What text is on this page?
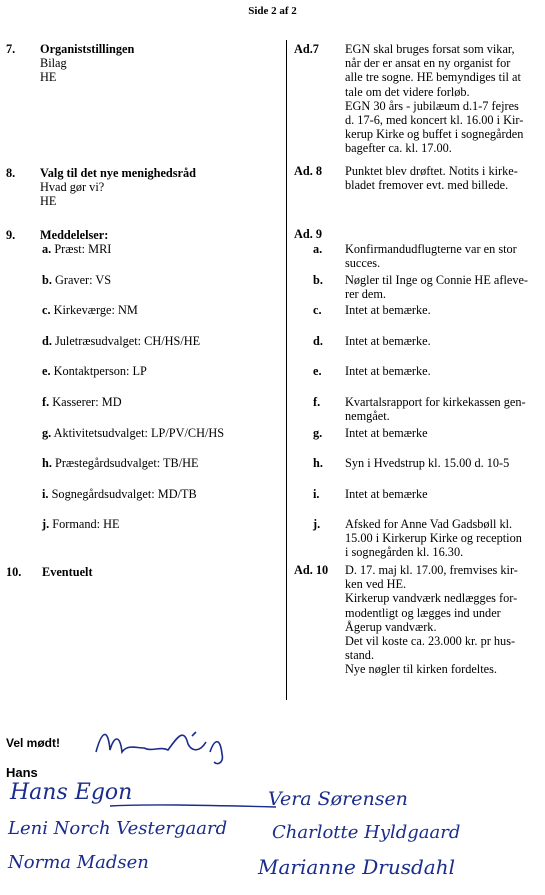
Side 2 af 2
7. Organiststillingen
Bilag
HE
8. Valg til det nye menighedsråd
Hvad gør vi?
HE
9. Meddelelser:
a. Præst: MRI
b. Graver: VS
c. Kirkeværge: NM
d. Juletræsudvalget: CH/HS/HE
e. Kontaktperson: LP
f. Kasserer: MD
g. Aktivitetsudvalget: LP/PV/CH/HS
h. Præstegårdsudvalget: TB/HE
i. Sognegårdsudvalget: MD/TB
j. Formand: HE
10. Eventuelt
Ad.7 EGN skal bruges forsat som vikar,
når der er ansat en ny organist for
alle tre sogne. HE bemyndiges til at
tale om det videre forløb.
EGN 30 års - jubilæum d.1-7 fejres
d. 17-6, med koncert kl. 16.00 i Kir-
kerup Kirke og buffet i sognegården
bagefter ca. kl. 17.00.
Ad. 8 Punktet blev drøftet. Notits i kirke-
bladet fremover evt. med billede.
Ad. 9
a. Konfirmandudflugterne var en stor
succes.
b. Nøgler til Inge og Connie HE afleve-
rer dem.
c. Intet at bemærke.
d. Intet at bemærke.
e. Intet at bemærke.
f. Kvartalsrapport for kirkekassen gen-
nemgået.
g. Intet at bemærke
h. Syn i Hvedstrup kl. 15.00 d. 10-5
i. Intet at bemærke
j. Afsked for Anne Vad Gadsbøll kl.
15.00 i Kirkerup Kirke og reception
i sognegården kl. 16.30.
Ad. 10 D. 17. maj kl. 17.00, fremvises kir-
ken ved HE.
Kirkerup vandværk nedlægges for-
modentligt og lægges ind under
Ågerup vandværk.
Det vil koste ca. 23.000 kr. pr hus-
stand.
Nye nøgler til kirken fordeltes.
Vel mødt!
Hans
Hans Egon	Vera Sørensen
Leni Norch Vestergaard Charlotte Hyldgaard
Norma Madsen	Marianne Drusdahl
